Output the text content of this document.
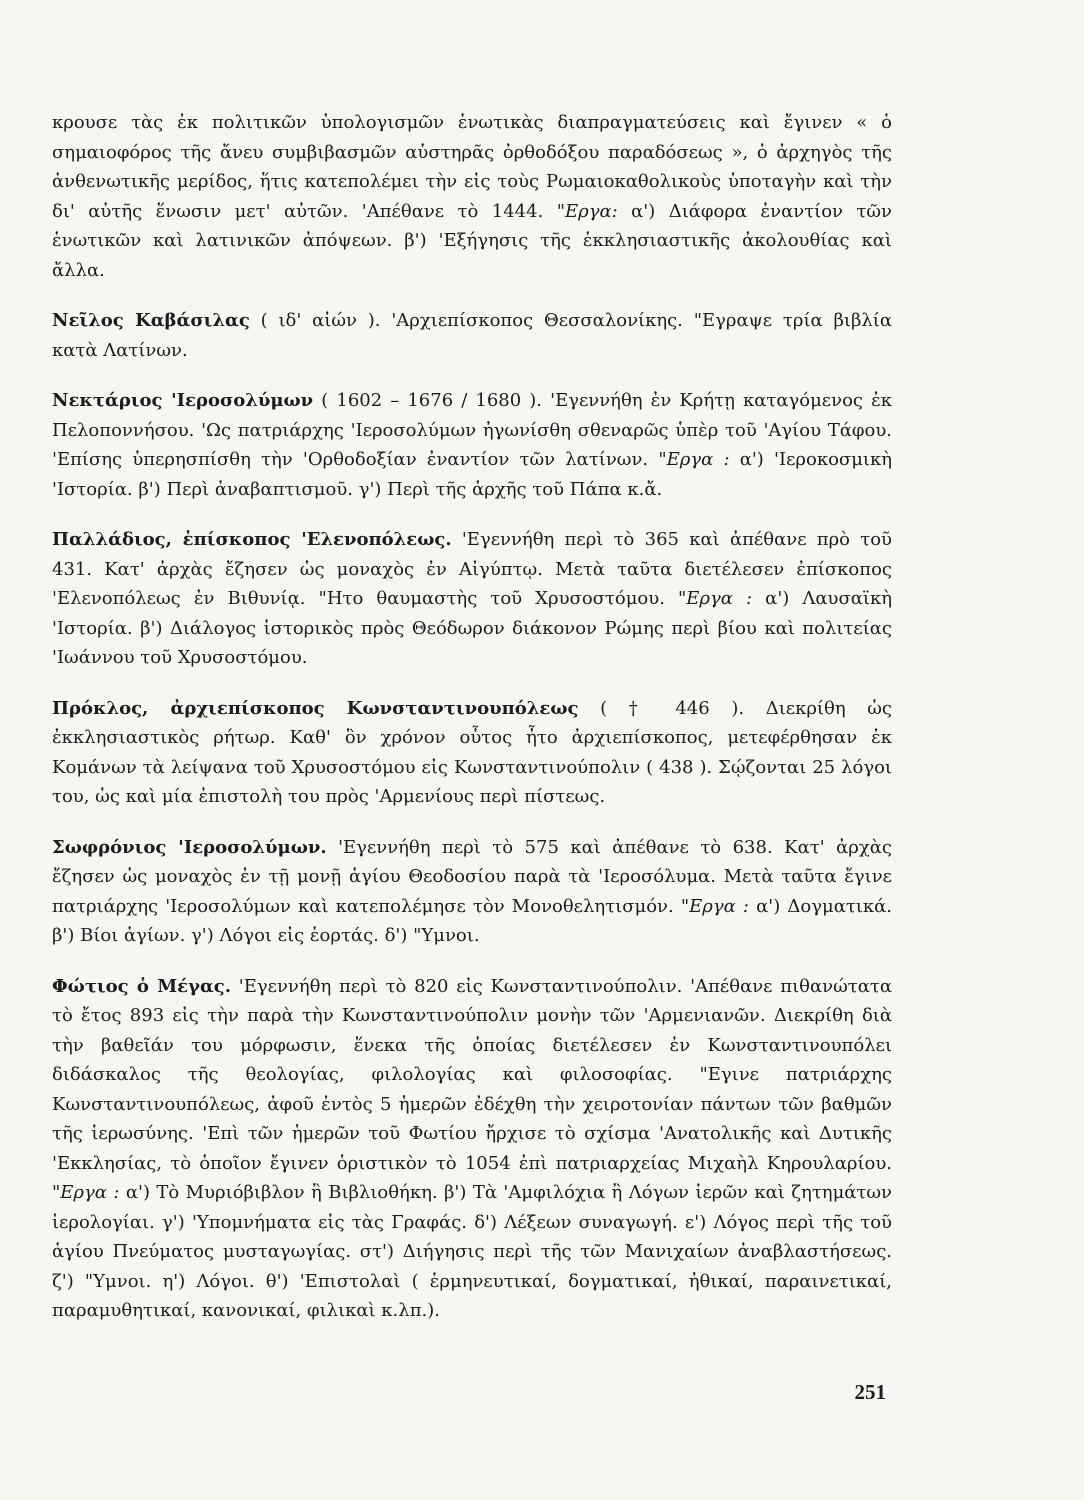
κρουσε τὰς ἐκ πολιτικῶν ὑπολογισμῶν ἑνωτικὰς διαπραγματεύσεις καὶ ἔγινεν « ὁ σημαιοφόρος τῆς ἄνευ συμβιβασμῶν αὐστηρᾶς ὀρθοδόξου παραδόσεως », ὁ ἀρχηγὸς τῆς ἀνθενωτικῆς μερίδος, ἥτις κατεπολέμει τὴν εἰς τοὺς Ρωμαιοκαθολικοὺς ὑποταγὴν καὶ τὴν δι' αὐτῆς ἕνωσιν μετ' αὐτῶν. 'Απέθανε τὸ 1444. "Εργα: α') Διάφορα ἐναντίον τῶν ἑνωτικῶν καὶ λατινικῶν ἀπόψεων. β') 'Εξήγησις τῆς ἐκκλησιαστικῆς ἀκολουθίας καὶ ἄλλα.

Νεῖλος Καβάσιλας ( ιδ' αἰών ). 'Αρχιεπίσκοπος Θεσσαλονίκης. "Εγραψε τρία βιβλία κατὰ Λατίνων.

Νεκτάριος 'Ιεροσολύμων ( 1602 – 1676 / 1680 ). 'Εγεννήθη ἐν Κρήτῃ καταγόμενος ἐκ Πελοποννήσου. 'Ως πατριάρχης 'Ιεροσολύμων ἠγωνίσθη σθεναρῶς ὑπὲρ τοῦ 'Αγίου Τάφου. 'Επίσης ὑπερησπίσθη τὴν 'Ορθοδοξίαν ἐναντίον τῶν λατίνων. "Εργα : α') 'Ιεροκοσμικὴ 'Ιστορία. β') Περὶ ἀναβαπτισμοῦ. γ') Περὶ τῆς ἀρχῆς τοῦ Πάπα κ.ἄ.

Παλλάδιος, ἐπίσκοπος 'Ελενοπόλεως. 'Εγεννήθη περὶ τὸ 365 καὶ ἀπέθανε πρὸ τοῦ 431. Κατ' ἀρχὰς ἔζησεν ὡς μοναχὸς ἐν Αἰγύπτῳ. Μετὰ ταῦτα διετέλεσεν ἐπίσκοπος 'Ελενοπόλεως ἐν Βιθυνίᾳ. "Ητο θαυμαστὴς τοῦ Χρυσοστόμου. "Εργα : α') Λαυσαϊκὴ 'Ιστορία. β') Διάλογος ἱστορικὸς πρὸς Θεόδωρον διάκονον Ρώμης περὶ βίου καὶ πολιτείας 'Ιωάννου τοῦ Χρυσοστόμου.

Πρόκλος, ἀρχιεπίσκοπος Κωνσταντινουπόλεως ( † 446 ). Διεκρίθη ὡς ἐκκλησιαστικὸς ρήτωρ. Καθ' ὃν χρόνον οὗτος ἦτο ἀρχιεπίσκοπος, μετεφέρθησαν ἐκ Κομάνων τὰ λείψανα τοῦ Χρυσοστόμου εἰς Κωνσταντινούπολιν ( 438 ). Σῴζονται 25 λόγοι του, ὡς καὶ μία ἐπιστολὴ του πρὸς 'Αρμενίους περὶ πίστεως.

Σωφρόνιος 'Ιεροσολύμων. 'Εγεννήθη περὶ τὸ 575 καὶ ἀπέθανε τὸ 638. Κατ' ἀρχὰς ἔζησεν ὡς μοναχὸς ἐν τῇ μονῇ ἁγίου Θεοδοσίου παρὰ τὰ 'Ιεροσόλυμα. Μετὰ ταῦτα ἔγινε πατριάρχης 'Ιεροσολύμων καὶ κατεπολέμησε τὸν Μονοθελητισμόν. "Εργα : α') Δογματικά. β') Βίοι ἁγίων. γ') Λόγοι εἰς ἑορτάς. δ') "Υμνοι.

Φώτιος ὁ Μέγας. 'Εγεννήθη περὶ τὸ 820 εἰς Κωνσταντινούπολιν. 'Απέθανε πιθανώτατα τὸ ἔτος 893 εἰς τὴν παρὰ τὴν Κωνσταντινούπολιν μονὴν τῶν 'Αρμενιανῶν. Διεκρίθη διὰ τὴν βαθεῖάν του μόρφωσιν, ἕνεκα τῆς ὁποίας διετέλεσεν ἐν Κωνσταντινουπόλει διδάσκαλος τῆς θεολογίας, φιλολογίας καὶ φιλοσοφίας. "Εγινε πατριάρχης Κωνσταντινουπόλεως, ἀφοῦ ἐντὸς 5 ἡμερῶν ἐδέχθη τὴν χειροτονίαν πάντων τῶν βαθμῶν τῆς ἱερωσύνης. 'Επὶ τῶν ἡμερῶν τοῦ Φωτίου ἤρχισε τὸ σχίσμα 'Ανατολικῆς καὶ Δυτικῆς 'Εκκλησίας, τὸ ὁποῖον ἔγινεν ὁριστικὸν τὸ 1054 ἐπὶ πατριαρχείας Μιχαὴλ Κηρουλαρίου. "Εργα : α') Τὸ Μυριόβιβλον ἢ Βιβλιοθήκη. β') Τὰ 'Αμφιλόχια ἢ Λόγων ἱερῶν καὶ ζητημάτων ἱερολογίαι. γ') 'Υπομνήματα εἰς τὰς Γραφάς. δ') Λέξεων συναγωγή. ε') Λόγος περὶ τῆς τοῦ ἁγίου Πνεύματος μυσταγωγίας. στ') Διήγησις περὶ τῆς τῶν Μανιχαίων ἀναβλαστήσεως. ζ') "Υμνοι. η') Λόγοι. θ') 'Επιστολαὶ ( ἑρμηνευτικαί, δογματικαί, ἠθικαί, παραινετικαί, παραμυθητικαί, κανονικαί, φιλικαὶ κ.λπ.).

251
